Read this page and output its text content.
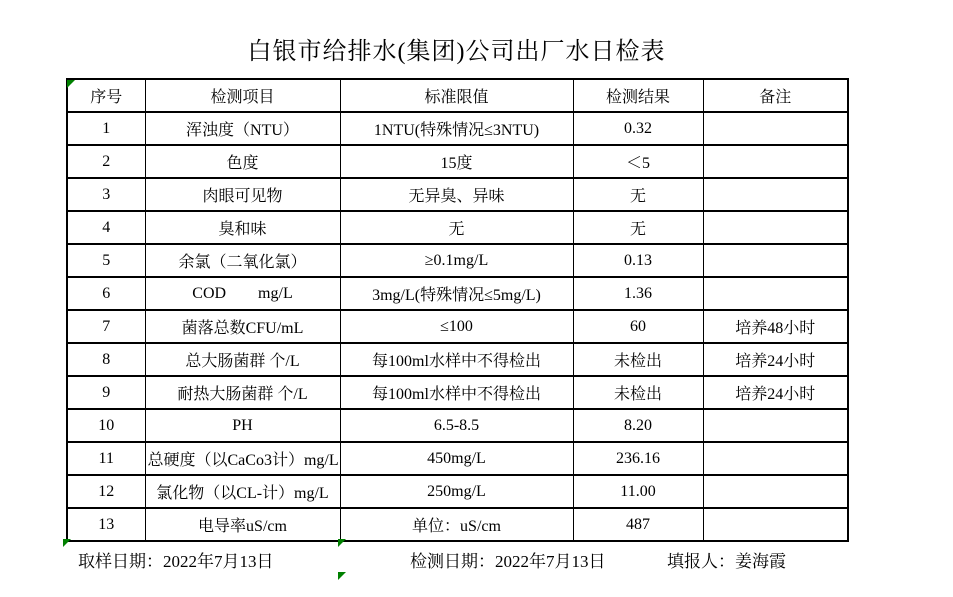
白银市给排水(集团)公司出厂水日检表
序号	检测项目	标准限值	检测结果	备注
1	浑浊度（NTU）	1NTU(特殊情况≤3NTU)	0.32	
2	色度	15度	＜5	
3	肉眼可见物	无异臭、异味	无	
4	臭和味	无	无	
5	余氯（二氧化氯）	≥0.1mg/L	0.13	
6	COD        mg/L	3mg/L(特殊情况≤5mg/L)	1.36	
7	菌落总数CFU/mL	≤100	60	培养48小时
8	总大肠菌群 个/L	每100ml水样中不得检出	未检出	培养24小时
9	耐热大肠菌群 个/L	每100ml水样中不得检出	未检出	培养24小时
10	PH	6.5-8.5	8.20	
11	总硬度（以CaCo3计）mg/L	450mg/L	236.16	
12	氯化物（以CL-计）mg/L	250mg/L	11.00	
13	电导率uS/cm	单位：uS/cm	487	
取样日期：2022年7月13日	检测日期：2022年7月13日	填报人：姜海霞
